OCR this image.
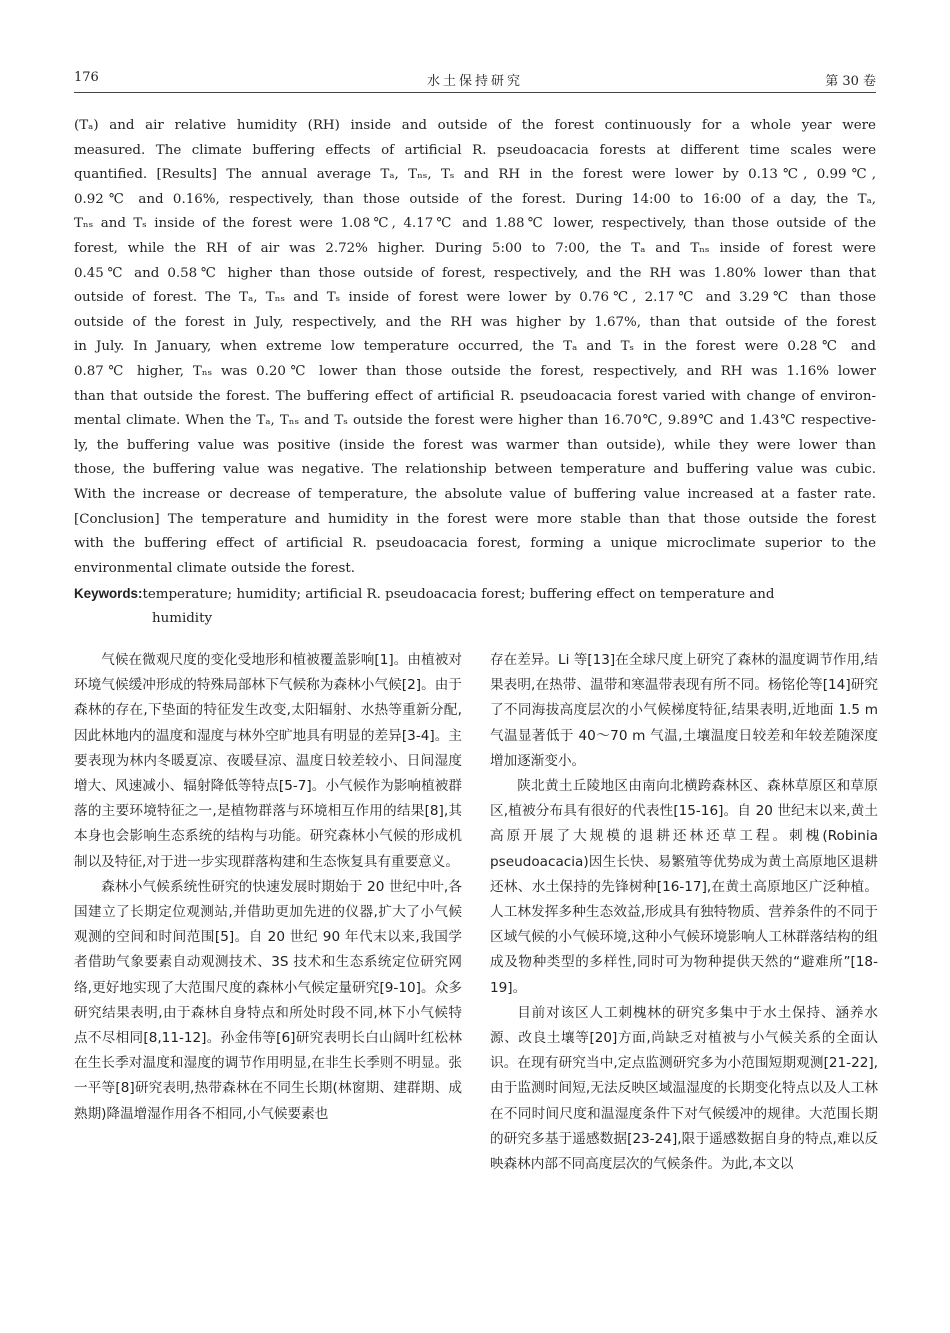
176	水土保持研究	第 30 卷
(Tₐ) and air relative humidity (RH) inside and outside of the forest continuously for a whole year were
measured. The climate buffering effects of artificial R. pseudoacacia forests at different time scales were
quantified. [Results] The annual average Tₐ, Tₙₛ, Tₛ and RH in the forest were lower by 0.13℃, 0.99℃,
0.92℃ and 0.16%, respectively, than those outside of the forest. During 14:00 to 16:00 of a day, the Tₐ,
Tₙₛ and Tₛ inside of the forest were 1.08℃, 4.17℃ and 1.88℃ lower, respectively, than those outside of the
forest, while the RH of air was 2.72% higher. During 5:00 to 7:00, the Tₐ and Tₙₛ inside of forest were
0.45℃ and 0.58℃ higher than those outside of forest, respectively, and the RH was 1.80% lower than that
outside of forest. The Tₐ, Tₙₛ and Tₛ inside of forest were lower by 0.76℃, 2.17℃ and 3.29℃ than those
outside of the forest in July, respectively, and the RH was higher by 1.67%, than that outside of the forest
in July. In January, when extreme low temperature occurred, the Tₐ and Tₛ in the forest were 0.28℃ and
0.87℃ higher, Tₙₛ was 0.20℃ lower than those outside the forest, respectively, and RH was 1.16% lower
than that outside the forest. The buffering effect of artificial R. pseudoacacia forest varied with change of environ-
mental climate. When the Tₐ, Tₙₛ and Tₛ outside the forest were higher than 16.70℃, 9.89℃ and 1.43℃ respective-
ly, the buffering value was positive (inside the forest was warmer than outside), while they were lower than
those, the buffering value was negative. The relationship between temperature and buffering value was cubic.
With the increase or decrease of temperature, the absolute value of buffering value increased at a faster rate.
[Conclusion] The temperature and humidity in the forest were more stable than that those outside the forest
with the buffering effect of artificial R. pseudoacacia forest, forming a unique microclimate superior to the
environmental climate outside the forest.
Keywords:temperature; humidity; artificial R. pseudoacacia forest; buffering effect on temperature and
humidity

气候在微观尺度的变化受地形和植被覆盖影响[1]。由植被对环境气候缓冲形成的特殊局部林下气候称为森林小气候[2]。由于森林的存在,下垫面的特征发生改变,太阳辐射、水热等重新分配,因此林地内的温度和湿度与林外空旷地具有明显的差异[3-4]。主要表现为林内冬暖夏凉、夜暖昼凉、温度日较差较小、日间湿度增大、风速减小、辐射降低等特点[5-7]。小气候作为影响植被群落的主要环境特征之一,是植物群落与环境相互作用的结果[8],其本身也会影响生态系统的结构与功能。研究森林小气候的形成机制以及特征,对于进一步实现群落构建和生态恢复具有重要意义。

森林小气候系统性研究的快速发展时期始于 20 世纪中叶,各国建立了长期定位观测站,并借助更加先进的仪器,扩大了小气候观测的空间和时间范围[5]。自 20 世纪 90 年代末以来,我国学者借助气象要素自动观测技术、3S 技术和生态系统定位研究网络,更好地实现了大范围尺度的森林小气候定量研究[9-10]。众多研究结果表明,由于森林自身特点和所处时段不同,林下小气候特点不尽相同[8,11-12]。孙金伟等[6]研究表明长白山阔叶红松林在生长季对温度和湿度的调节作用明显,在非生长季则不明显。张一平等[8]研究表明,热带森林在不同生长期(林窗期、建群期、成熟期)降温增湿作用各不相同,小气候要素也

存在差异。Li 等[13]在全球尺度上研究了森林的温度调节作用,结果表明,在热带、温带和寒温带表现有所不同。杨铭伦等[14]研究了不同海拔高度层次的小气候梯度特征,结果表明,近地面 1.5 m 气温显著低于 40～70 m 气温,土壤温度日较差和年较差随深度增加逐渐变小。

陕北黄土丘陵地区由南向北横跨森林区、森林草原区和草原区,植被分布具有很好的代表性[15-16]。自 20 世纪末以来,黄土高原开展了大规模的退耕还林还草工程。刺槐(Robinia pseudoacacia)因生长快、易繁殖等优势成为黄土高原地区退耕还林、水土保持的先锋树种[16-17],在黄土高原地区广泛种植。人工林发挥多种生态效益,形成具有独特物质、营养条件的不同于区域气候的小气候环境,这种小气候环境影响人工林群落结构的组成及物种类型的多样性,同时可为物种提供天然的“避难所”[18-19]。

目前对该区人工刺槐林的研究多集中于水土保持、涵养水源、改良土壤等[20]方面,尚缺乏对植被与小气候关系的全面认识。在现有研究当中,定点监测研究多为小范围短期观测[21-22],由于监测时间短,无法反映区域温湿度的长期变化特点以及人工林在不同时间尺度和温湿度条件下对气候缓冲的规律。大范围长期的研究多基于遥感数据[23-24],限于遥感数据自身的特点,难以反映森林内部不同高度层次的气候条件。为此,本文以
